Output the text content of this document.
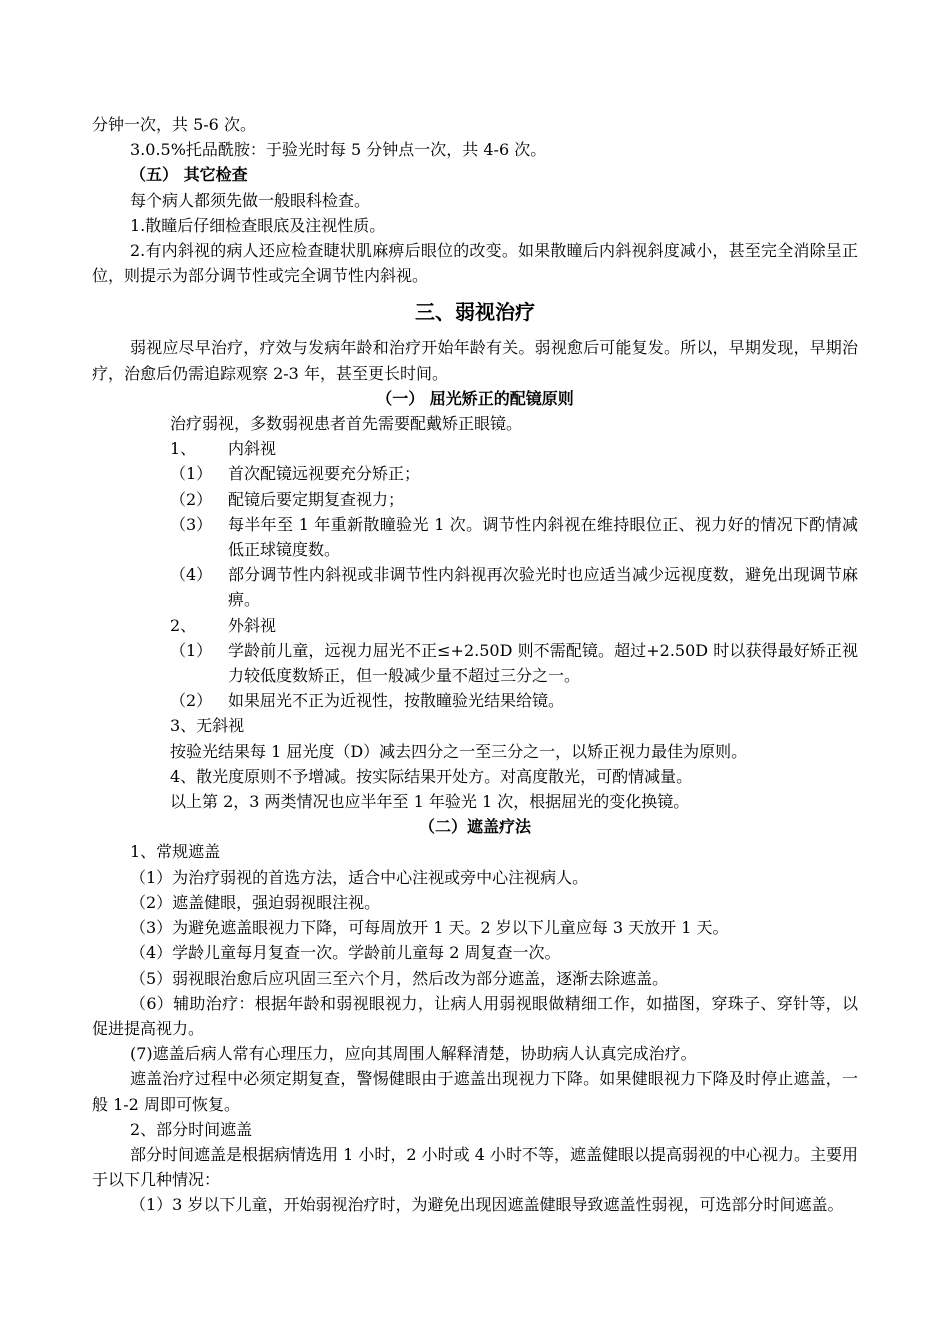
分钟一次，共 5-6 次。

3.0.5%托品酰胺：于验光时每 5 分钟点一次，共 4-6 次。

（五） 其它检查

每个病人都须先做一般眼科检查。

1.散瞳后仔细检查眼底及注视性质。

2.有内斜视的病人还应检查睫状肌麻痹后眼位的改变。如果散瞳后内斜视斜度减小，甚至完全消除呈正位，则提示为部分调节性或完全调节性内斜视。

三、弱视治疗

弱视应尽早治疗，疗效与发病年龄和治疗开始年龄有关。弱视愈后可能复发。所以，早期发现，早期治疗，治愈后仍需追踪观察 2-3 年，甚至更长时间。

（一） 屈光矫正的配镜原则

治疗弱视，多数弱视患者首先需要配戴矫正眼镜。

1、	内斜视
（1） 首次配镜远视要充分矫正；
（2） 配镜后要定期复查视力；
（3） 每半年至 1 年重新散瞳验光 1 次。调节性内斜视在维持眼位正、视力好的情况下酌情减低正球镜度数。
（4） 部分调节性内斜视或非调节性内斜视再次验光时也应适当减少远视度数，避免出现调节麻痹。
2、	外斜视
（1） 学龄前儿童，远视力屈光不正≤+2.50D 则不需配镜。超过+2.50D 时以获得最好矫正视力较低度数矫正，但一般减少量不超过三分之一。
（2） 如果屈光不正为近视性，按散瞳验光结果给镜。

3、无斜视

按验光结果每 1 屈光度（D）减去四分之一至三分之一，以矫正视力最佳为原则。

4、散光度原则不予增减。按实际结果开处方。对高度散光，可酌情减量。

以上第 2，3 两类情况也应半年至 1 年验光 1 次，根据屈光的变化换镜。

（二）遮盖疗法

1、常规遮盖

（1）为治疗弱视的首选方法，适合中心注视或旁中心注视病人。

（2）遮盖健眼，强迫弱视眼注视。

（3）为避免遮盖眼视力下降，可每周放开 1 天。2 岁以下儿童应每 3 天放开 1 天。

（4）学龄儿童每月复查一次。学龄前儿童每 2 周复查一次。

（5）弱视眼治愈后应巩固三至六个月，然后改为部分遮盖，逐渐去除遮盖。

（6）辅助治疗：根据年龄和弱视眼视力，让病人用弱视眼做精细工作，如描图，穿珠子、穿针等，以促进提高视力。

(7)遮盖后病人常有心理压力，应向其周围人解释清楚，协助病人认真完成治疗。

遮盖治疗过程中必须定期复查，警惕健眼由于遮盖出现视力下降。如果健眼视力下降及时停止遮盖，一般 1-2 周即可恢复。

2、部分时间遮盖

部分时间遮盖是根据病情选用 1 小时，2 小时或 4 小时不等，遮盖健眼以提高弱视的中心视力。主要用于以下几种情况：

（1）3 岁以下儿童，开始弱视治疗时，为避免出现因遮盖健眼导致遮盖性弱视，可选部分时间遮盖。
